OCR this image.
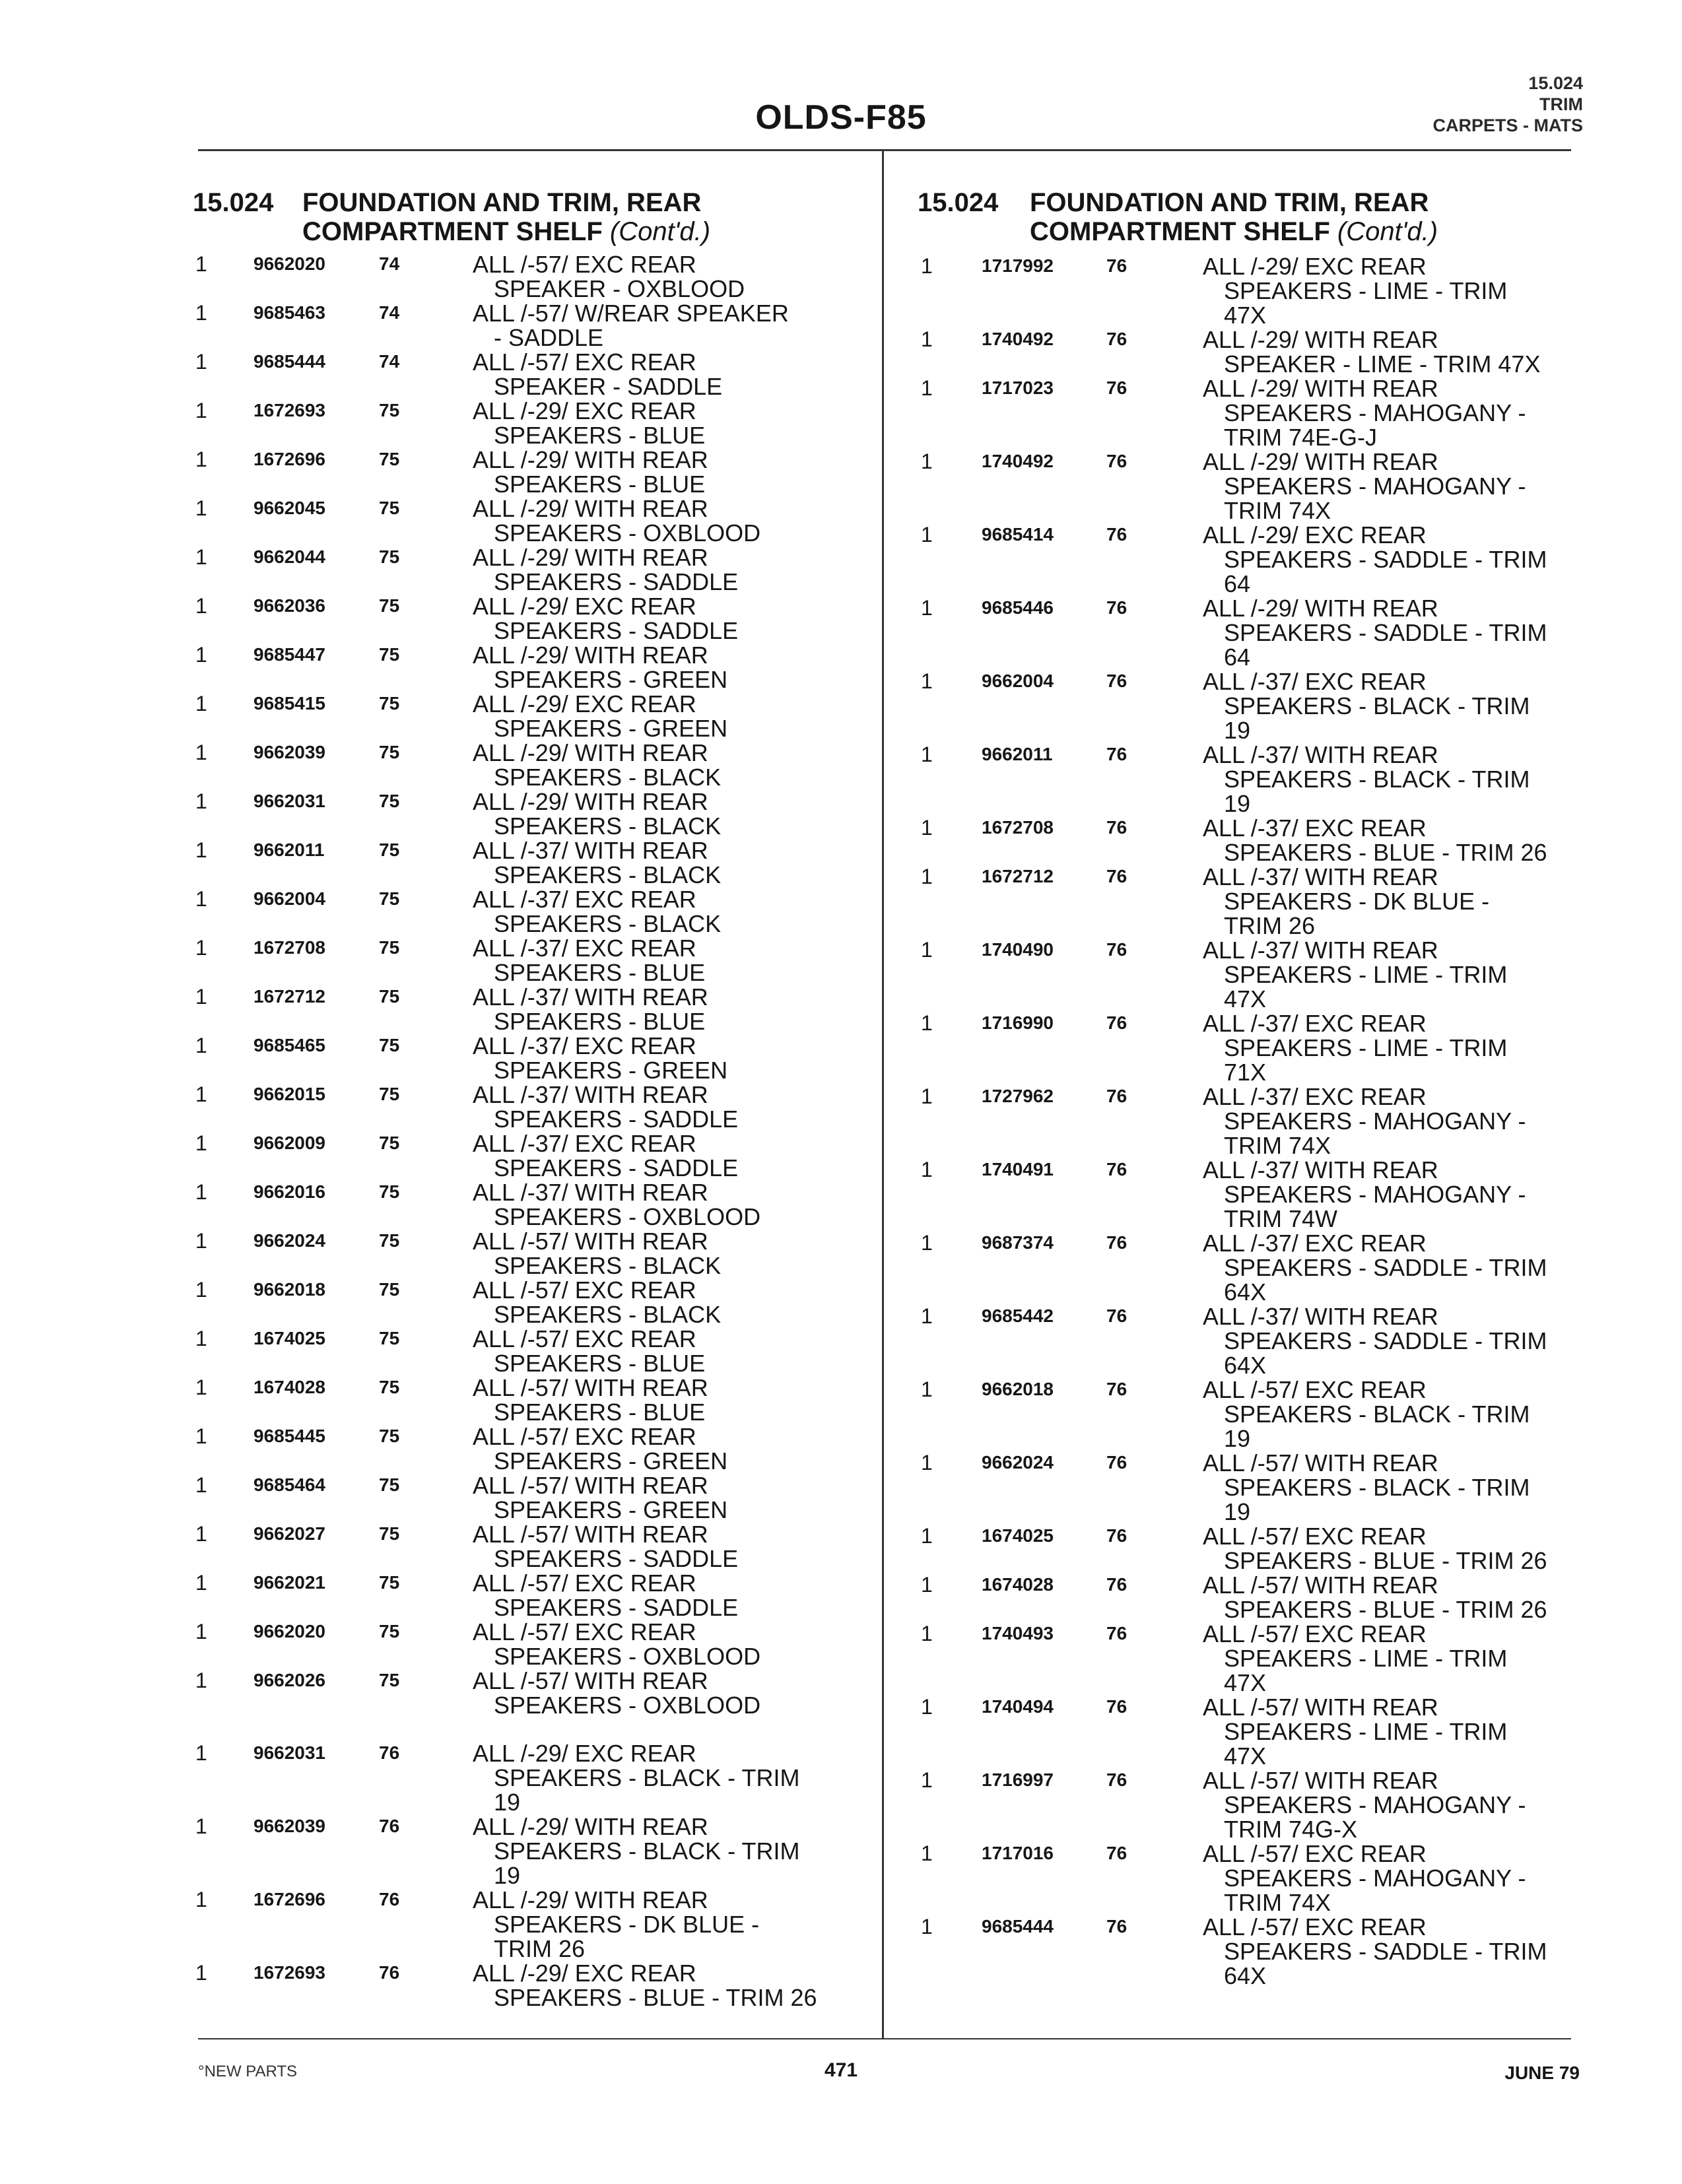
15.024
TRIM
CARPETS - MATS
OLDS-F85
15.024 FOUNDATION AND TRIM, REAR
COMPARTMENT SHELF (Cont'd.)
1	9662020	74	ALL /-57/ EXC REAR
SPEAKER - OXBLOOD
1	9685463	74	ALL /-57/ W/REAR SPEAKER
- SADDLE
1	9685444	74	ALL /-57/ EXC REAR
SPEAKER - SADDLE
1	1672693	75	ALL /-29/ EXC REAR
SPEAKERS - BLUE
1	1672696	75	ALL /-29/ WITH REAR
SPEAKERS - BLUE
1	9662045	75	ALL /-29/ WITH REAR
SPEAKERS - OXBLOOD
1	9662044	75	ALL /-29/ WITH REAR
SPEAKERS - SADDLE
1	9662036	75	ALL /-29/ EXC REAR
SPEAKERS - SADDLE
1	9685447	75	ALL /-29/ WITH REAR
SPEAKERS - GREEN
1	9685415	75	ALL /-29/ EXC REAR
SPEAKERS - GREEN
1	9662039	75	ALL /-29/ WITH REAR
SPEAKERS - BLACK
1	9662031	75	ALL /-29/ WITH REAR
SPEAKERS - BLACK
1	9662011	75	ALL /-37/ WITH REAR
SPEAKERS - BLACK
1	9662004	75	ALL /-37/ EXC REAR
SPEAKERS - BLACK
1	1672708	75	ALL /-37/ EXC REAR
SPEAKERS - BLUE
1	1672712	75	ALL /-37/ WITH REAR
SPEAKERS - BLUE
1	9685465	75	ALL /-37/ EXC REAR
SPEAKERS - GREEN
1	9662015	75	ALL /-37/ WITH REAR
SPEAKERS - SADDLE
1	9662009	75	ALL /-37/ EXC REAR
SPEAKERS - SADDLE
1	9662016	75	ALL /-37/ WITH REAR
SPEAKERS - OXBLOOD
1	9662024	75	ALL /-57/ WITH REAR
SPEAKERS - BLACK
1	9662018	75	ALL /-57/ EXC REAR
SPEAKERS - BLACK
1	1674025	75	ALL /-57/ EXC REAR
SPEAKERS - BLUE
1	1674028	75	ALL /-57/ WITH REAR
SPEAKERS - BLUE
1	9685445	75	ALL /-57/ EXC REAR
SPEAKERS - GREEN
1	9685464	75	ALL /-57/ WITH REAR
SPEAKERS - GREEN
1	9662027	75	ALL /-57/ WITH REAR
SPEAKERS - SADDLE
1	9662021	75	ALL /-57/ EXC REAR
SPEAKERS - SADDLE
1	9662020	75	ALL /-57/ EXC REAR
SPEAKERS - OXBLOOD
1	9662026	75	ALL /-57/ WITH REAR
SPEAKERS - OXBLOOD
1	9662031	76	ALL /-29/ EXC REAR
SPEAKERS - BLACK - TRIM
19
1	9662039	76	ALL /-29/ WITH REAR
SPEAKERS - BLACK - TRIM
19
1	1672696	76	ALL /-29/ WITH REAR
SPEAKERS - DK BLUE -
TRIM 26
1	1672693	76	ALL /-29/ EXC REAR
SPEAKERS - BLUE - TRIM 26
15.024 FOUNDATION AND TRIM, REAR
COMPARTMENT SHELF (Cont'd.)
1	1717992	76	ALL /-29/ EXC REAR
SPEAKERS - LIME - TRIM
47X
1	1740492	76	ALL /-29/ WITH REAR
SPEAKER - LIME - TRIM 47X
1	1717023	76	ALL /-29/ WITH REAR
SPEAKERS - MAHOGANY -
TRIM 74E-G-J
1	1740492	76	ALL /-29/ WITH REAR
SPEAKERS - MAHOGANY -
TRIM 74X
1	9685414	76	ALL /-29/ EXC REAR
SPEAKERS - SADDLE - TRIM
64
1	9685446	76	ALL /-29/ WITH REAR
SPEAKERS - SADDLE - TRIM
64
1	9662004	76	ALL /-37/ EXC REAR
SPEAKERS - BLACK - TRIM
19
1	9662011	76	ALL /-37/ WITH REAR
SPEAKERS - BLACK - TRIM
19
1	1672708	76	ALL /-37/ EXC REAR
SPEAKERS - BLUE - TRIM 26
1	1672712	76	ALL /-37/ WITH REAR
SPEAKERS - DK BLUE -
TRIM 26
1	1740490	76	ALL /-37/ WITH REAR
SPEAKERS - LIME - TRIM
47X
1	1716990	76	ALL /-37/ EXC REAR
SPEAKERS - LIME - TRIM
71X
1	1727962	76	ALL /-37/ EXC REAR
SPEAKERS - MAHOGANY -
TRIM 74X
1	1740491	76	ALL /-37/ WITH REAR
SPEAKERS - MAHOGANY -
TRIM 74W
1	9687374	76	ALL /-37/ EXC REAR
SPEAKERS - SADDLE - TRIM
64X
1	9685442	76	ALL /-37/ WITH REAR
SPEAKERS - SADDLE - TRIM
64X
1	9662018	76	ALL /-57/ EXC REAR
SPEAKERS - BLACK - TRIM
19
1	9662024	76	ALL /-57/ WITH REAR
SPEAKERS - BLACK - TRIM
19
1	1674025	76	ALL /-57/ EXC REAR
SPEAKERS - BLUE - TRIM 26
1	1674028	76	ALL /-57/ WITH REAR
SPEAKERS - BLUE - TRIM 26
1	1740493	76	ALL /-57/ EXC REAR
SPEAKERS - LIME - TRIM
47X
1	1740494	76	ALL /-57/ WITH REAR
SPEAKERS - LIME - TRIM
47X
1	1716997	76	ALL /-57/ WITH REAR
SPEAKERS - MAHOGANY -
TRIM 74G-X
1	1717016	76	ALL /-57/ EXC REAR
SPEAKERS - MAHOGANY -
TRIM 74X
1	9685444	76	ALL /-57/ EXC REAR
SPEAKERS - SADDLE - TRIM
64X
°NEW PARTS	471	JUNE 79
